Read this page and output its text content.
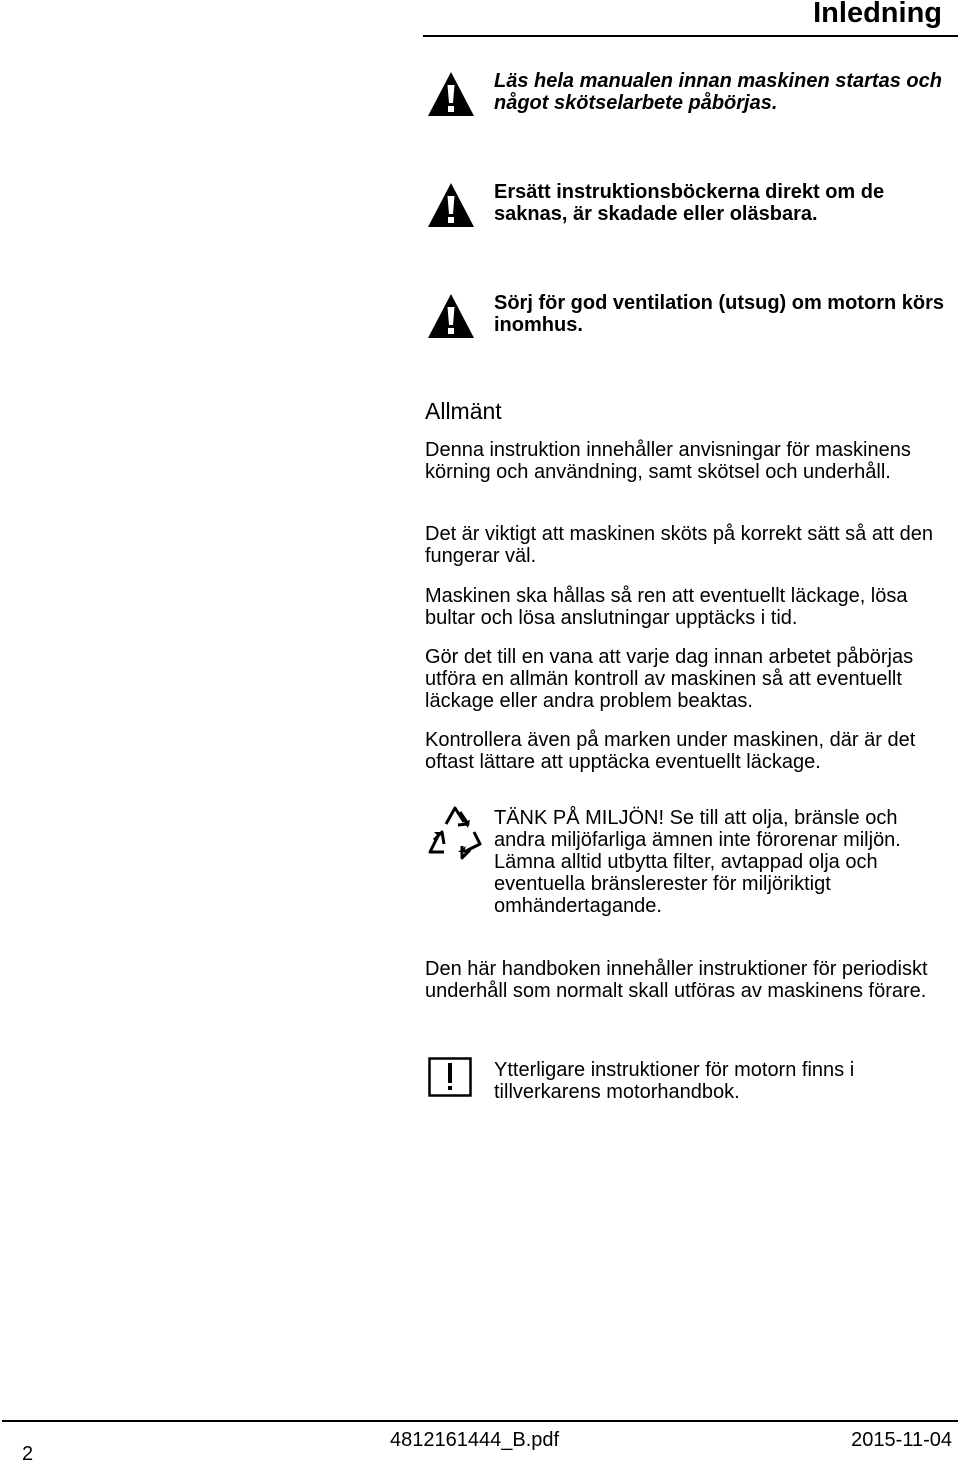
Inledning
Läs hela manualen innan maskinen startas och något skötselarbete påbörjas.
Ersätt instruktionsböckerna direkt om de saknas, är skadade eller oläsbara.
Sörj för god ventilation (utsug) om motorn körs inomhus.
Allmänt

Denna instruktion innehåller anvisningar för maskinens körning och användning, samt skötsel och underhåll.

Det är viktigt att maskinen sköts på korrekt sätt så att den fungerar väl.

Maskinen ska hållas så ren att eventuellt läckage, lösa bultar och lösa anslutningar upptäcks i tid.

Gör det till en vana att varje dag innan arbetet påbörjas utföra en allmän kontroll av maskinen så att eventuellt läckage eller andra problem beaktas.

Kontrollera även på marken under maskinen, där är det oftast lättare att upptäcka eventuellt läckage.

TÄNK PÅ MILJÖN! Se till att olja, bränsle och andra miljöfarliga ämnen inte förorenar miljön. Lämna alltid utbytta filter, avtappad olja och eventuella bränslerester för miljöriktigt omhändertagande.

Den här handboken innehåller instruktioner för periodiskt underhåll som normalt skall utföras av maskinens förare.

Ytterligare instruktioner för motorn finns i tillverkarens motorhandbok.

2
4812161444_B.pdf	2015-11-04
